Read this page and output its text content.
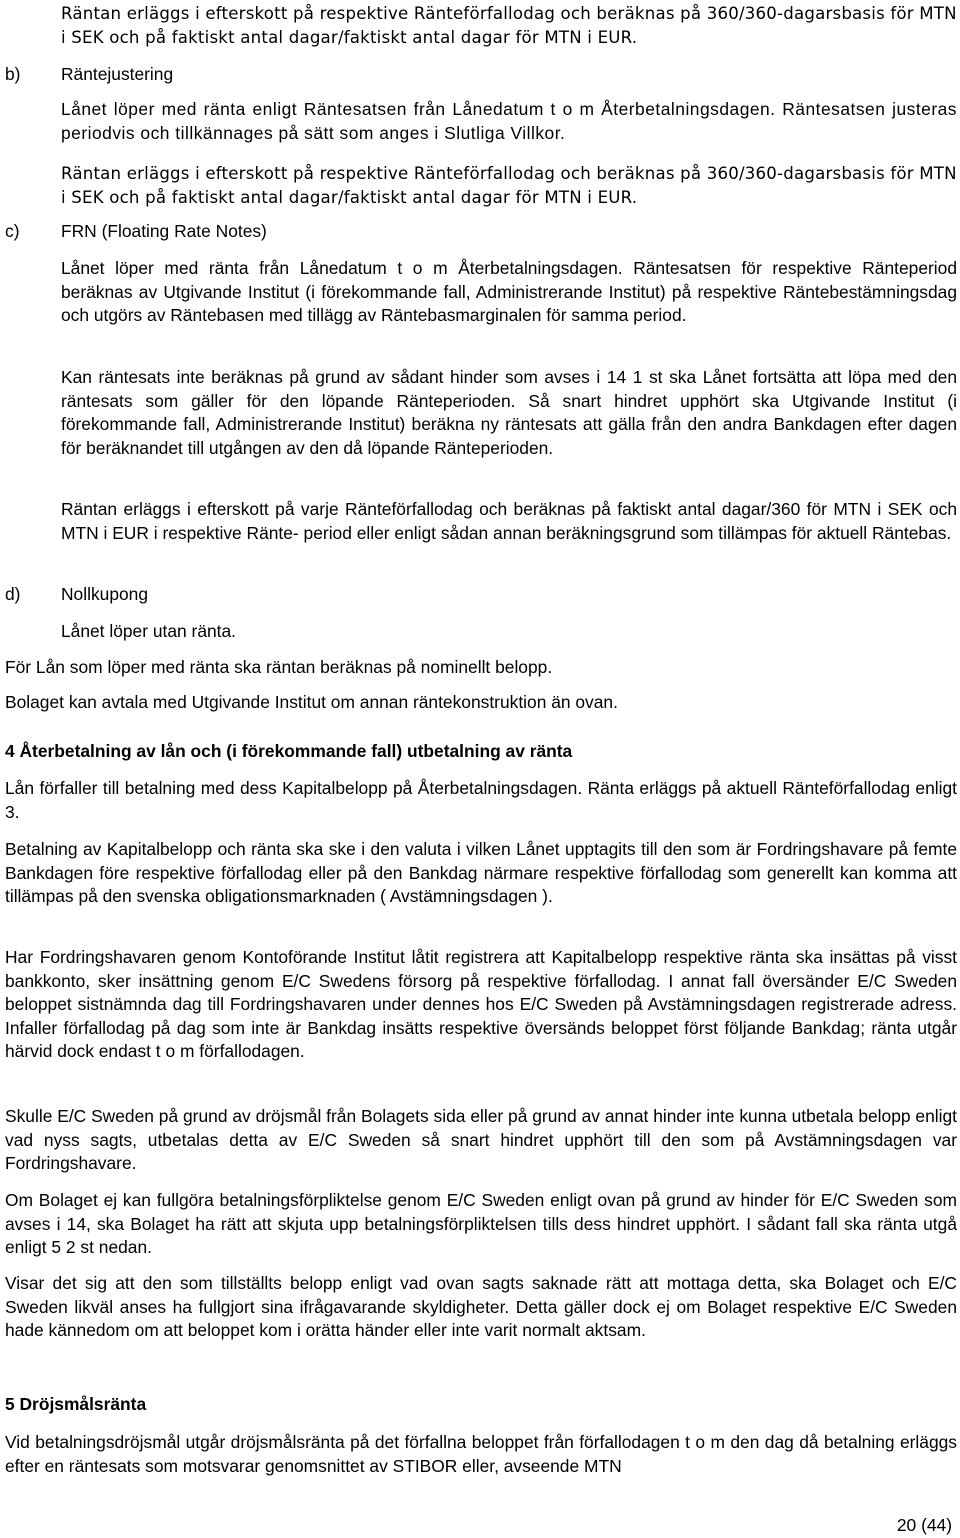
Räntan erläggs i efterskott på respektive Ränteförfallodag och beräknas på 360/360-dagarsbasis för MTN i SEK och på faktiskt antal dagar/faktiskt antal dagar för MTN i EUR.

b) Räntejustering

Lånet löper med ränta enligt Räntesatsen från Lånedatum t o m Återbetalningsdagen. Räntesatsen justeras periodvis och tillkännages på sätt som anges i Slutliga Villkor.

Räntan erläggs i efterskott på respektive Ränteförfallodag och beräknas på 360/360-dagarsbasis för MTN i SEK och på faktiskt antal dagar/faktiskt antal dagar för MTN i EUR.

c) FRN (Floating Rate Notes)

Lånet löper med ränta från Lånedatum t o m Återbetalningsdagen. Räntesatsen för respektive Ränteperiod beräknas av Utgivande Institut (i förekommande fall, Administrerande Institut) på respektive Räntebestämningsdag och utgörs av Räntebasen med tillägg av Räntebasmarginalen för samma period.

Kan räntesats inte beräknas på grund av sådant hinder som avses i 14 1 st ska Lånet fortsätta att löpa med den räntesats som gäller för den löpande Ränteperioden. Så snart hindret upphört ska Utgivande Institut (i förekommande fall, Administrerande Institut) beräkna ny räntesats att gälla från den andra Bankdagen efter dagen för beräknandet till utgången av den då löpande Ränteperioden.

Räntan erläggs i efterskott på varje Ränteförfallodag och beräknas på faktiskt antal dagar/360 för MTN i SEK och MTN i EUR i respektive Ränte- period eller enligt sådan annan beräkningsgrund som tillämpas för aktuell Räntebas.

d) Nollkupong

Lånet löper utan ränta.

För Lån som löper med ränta ska räntan beräknas på nominellt belopp.

Bolaget kan avtala med Utgivande Institut om annan räntekonstruktion än ovan.

4 Återbetalning av lån och (i förekommande fall) utbetalning av ränta

Lån förfaller till betalning med dess Kapitalbelopp på Återbetalningsdagen. Ränta erläggs på aktuell Ränteförfallodag enligt 3.

Betalning av Kapitalbelopp och ränta ska ske i den valuta i vilken Lånet upptagits till den som är Fordringshavare på femte Bankdagen före respektive förfallodag eller på den Bankdag närmare respektive förfallodag som generellt kan komma att tillämpas på den svenska obligationsmarknaden ( Avstämningsdagen ).

Har Fordringshavaren genom Kontoförande Institut låtit registrera att Kapitalbelopp respektive ränta ska insättas på visst bankkonto, sker insättning genom E/C Swedens försorg på respektive förfallodag. I annat fall översänder E/C Sweden beloppet sistnämnda dag till Fordringshavaren under dennes hos E/C Sweden på Avstämningsdagen registrerade adress. Infaller förfallodag på dag som inte är Bankdag insätts respektive översänds beloppet först följande Bankdag; ränta utgår härvid dock endast t o m förfallodagen.

Skulle E/C Sweden på grund av dröjsmål från Bolagets sida eller på grund av annat hinder inte kunna utbetala belopp enligt vad nyss sagts, utbetalas detta av E/C Sweden så snart hindret upphört till den som på Avstämningsdagen var Fordringshavare.

Om Bolaget ej kan fullgöra betalningsförpliktelse genom E/C Sweden enligt ovan på grund av hinder för E/C Sweden som avses i 14, ska Bolaget ha rätt att skjuta upp betalningsförpliktelsen tills dess hindret upphört. I sådant fall ska ränta utgå enligt 5 2 st nedan.

Visar det sig att den som tillställts belopp enligt vad ovan sagts saknade rätt att mottaga detta, ska Bolaget och E/C Sweden likväl anses ha fullgjort sina ifrågavarande skyldigheter. Detta gäller dock ej om Bolaget respektive E/C Sweden hade kännedom om att beloppet kom i orätta händer eller inte varit normalt aktsam.

5 Dröjsmålsränta

Vid betalningsdröjsmål utgår dröjsmålsränta på det förfallna beloppet från förfallodagen t o m den dag då betalning erläggs efter en räntesats som motsvarar genomsnittet av STIBOR eller, avseende MTN

20 (44)
